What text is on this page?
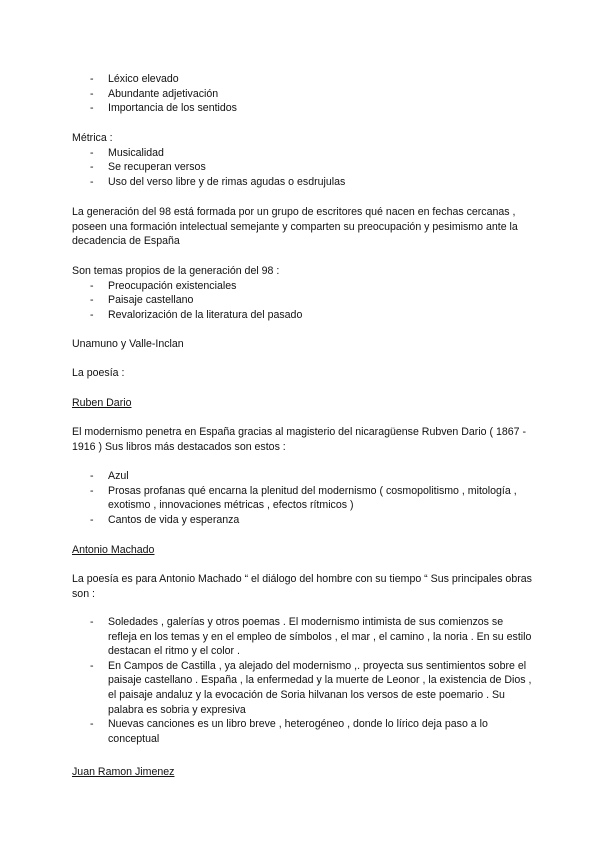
- Léxico elevado
- Abundante adjetivación
- Importancia de los sentidos

Métrica :

- Musicalidad
- Se recuperan versos
- Uso del verso libre y de rimas agudas o esdrujulas

La generación del 98 está formada por un grupo de escritores qué nacen en fechas cercanas , poseen una formación intelectual semejante y comparten su preocupación y pesimismo ante la decadencia de España

Son temas propios de la generación del 98 :

- Preocupación existenciales
- Paisaje castellano
- Revalorización de la literatura del pasado

Unamuno y Valle-Inclan

La poesía :

Ruben Dario

El modernismo penetra en España gracias al magisterio del nicaragüense Rubven Dario ( 1867 - 1916 ) Sus libros más destacados son estos :

- Azul
- Prosas profanas qué encarna la plenitud del modernismo ( cosmopolitismo , mitología , exotismo , innovaciones métricas , efectos rítmicos )
- Cantos de vida y esperanza

Antonio Machado

La poesía es para Antonio Machado “ el diálogo del hombre con su tiempo “ Sus principales obras son :

- Soledades , galerías y otros poemas . El modernismo intimista de sus comienzos se refleja en los temas y en el empleo de símbolos , el mar , el camino , la noria . En su estilo destacan el ritmo y el color .
- En Campos de Castilla , ya alejado del modernismo ,. proyecta sus sentimientos sobre el paisaje castellano . España , la enfermedad y la muerte de Leonor , la existencia de Dios , el paisaje andaluz y la evocación de Soria hilvanan los versos de este poemario . Su palabra es sobria y expresiva
- Nuevas canciones es un libro breve , heterogéneo , donde lo lírico deja paso a lo conceptual

Juan Ramon Jimenez
